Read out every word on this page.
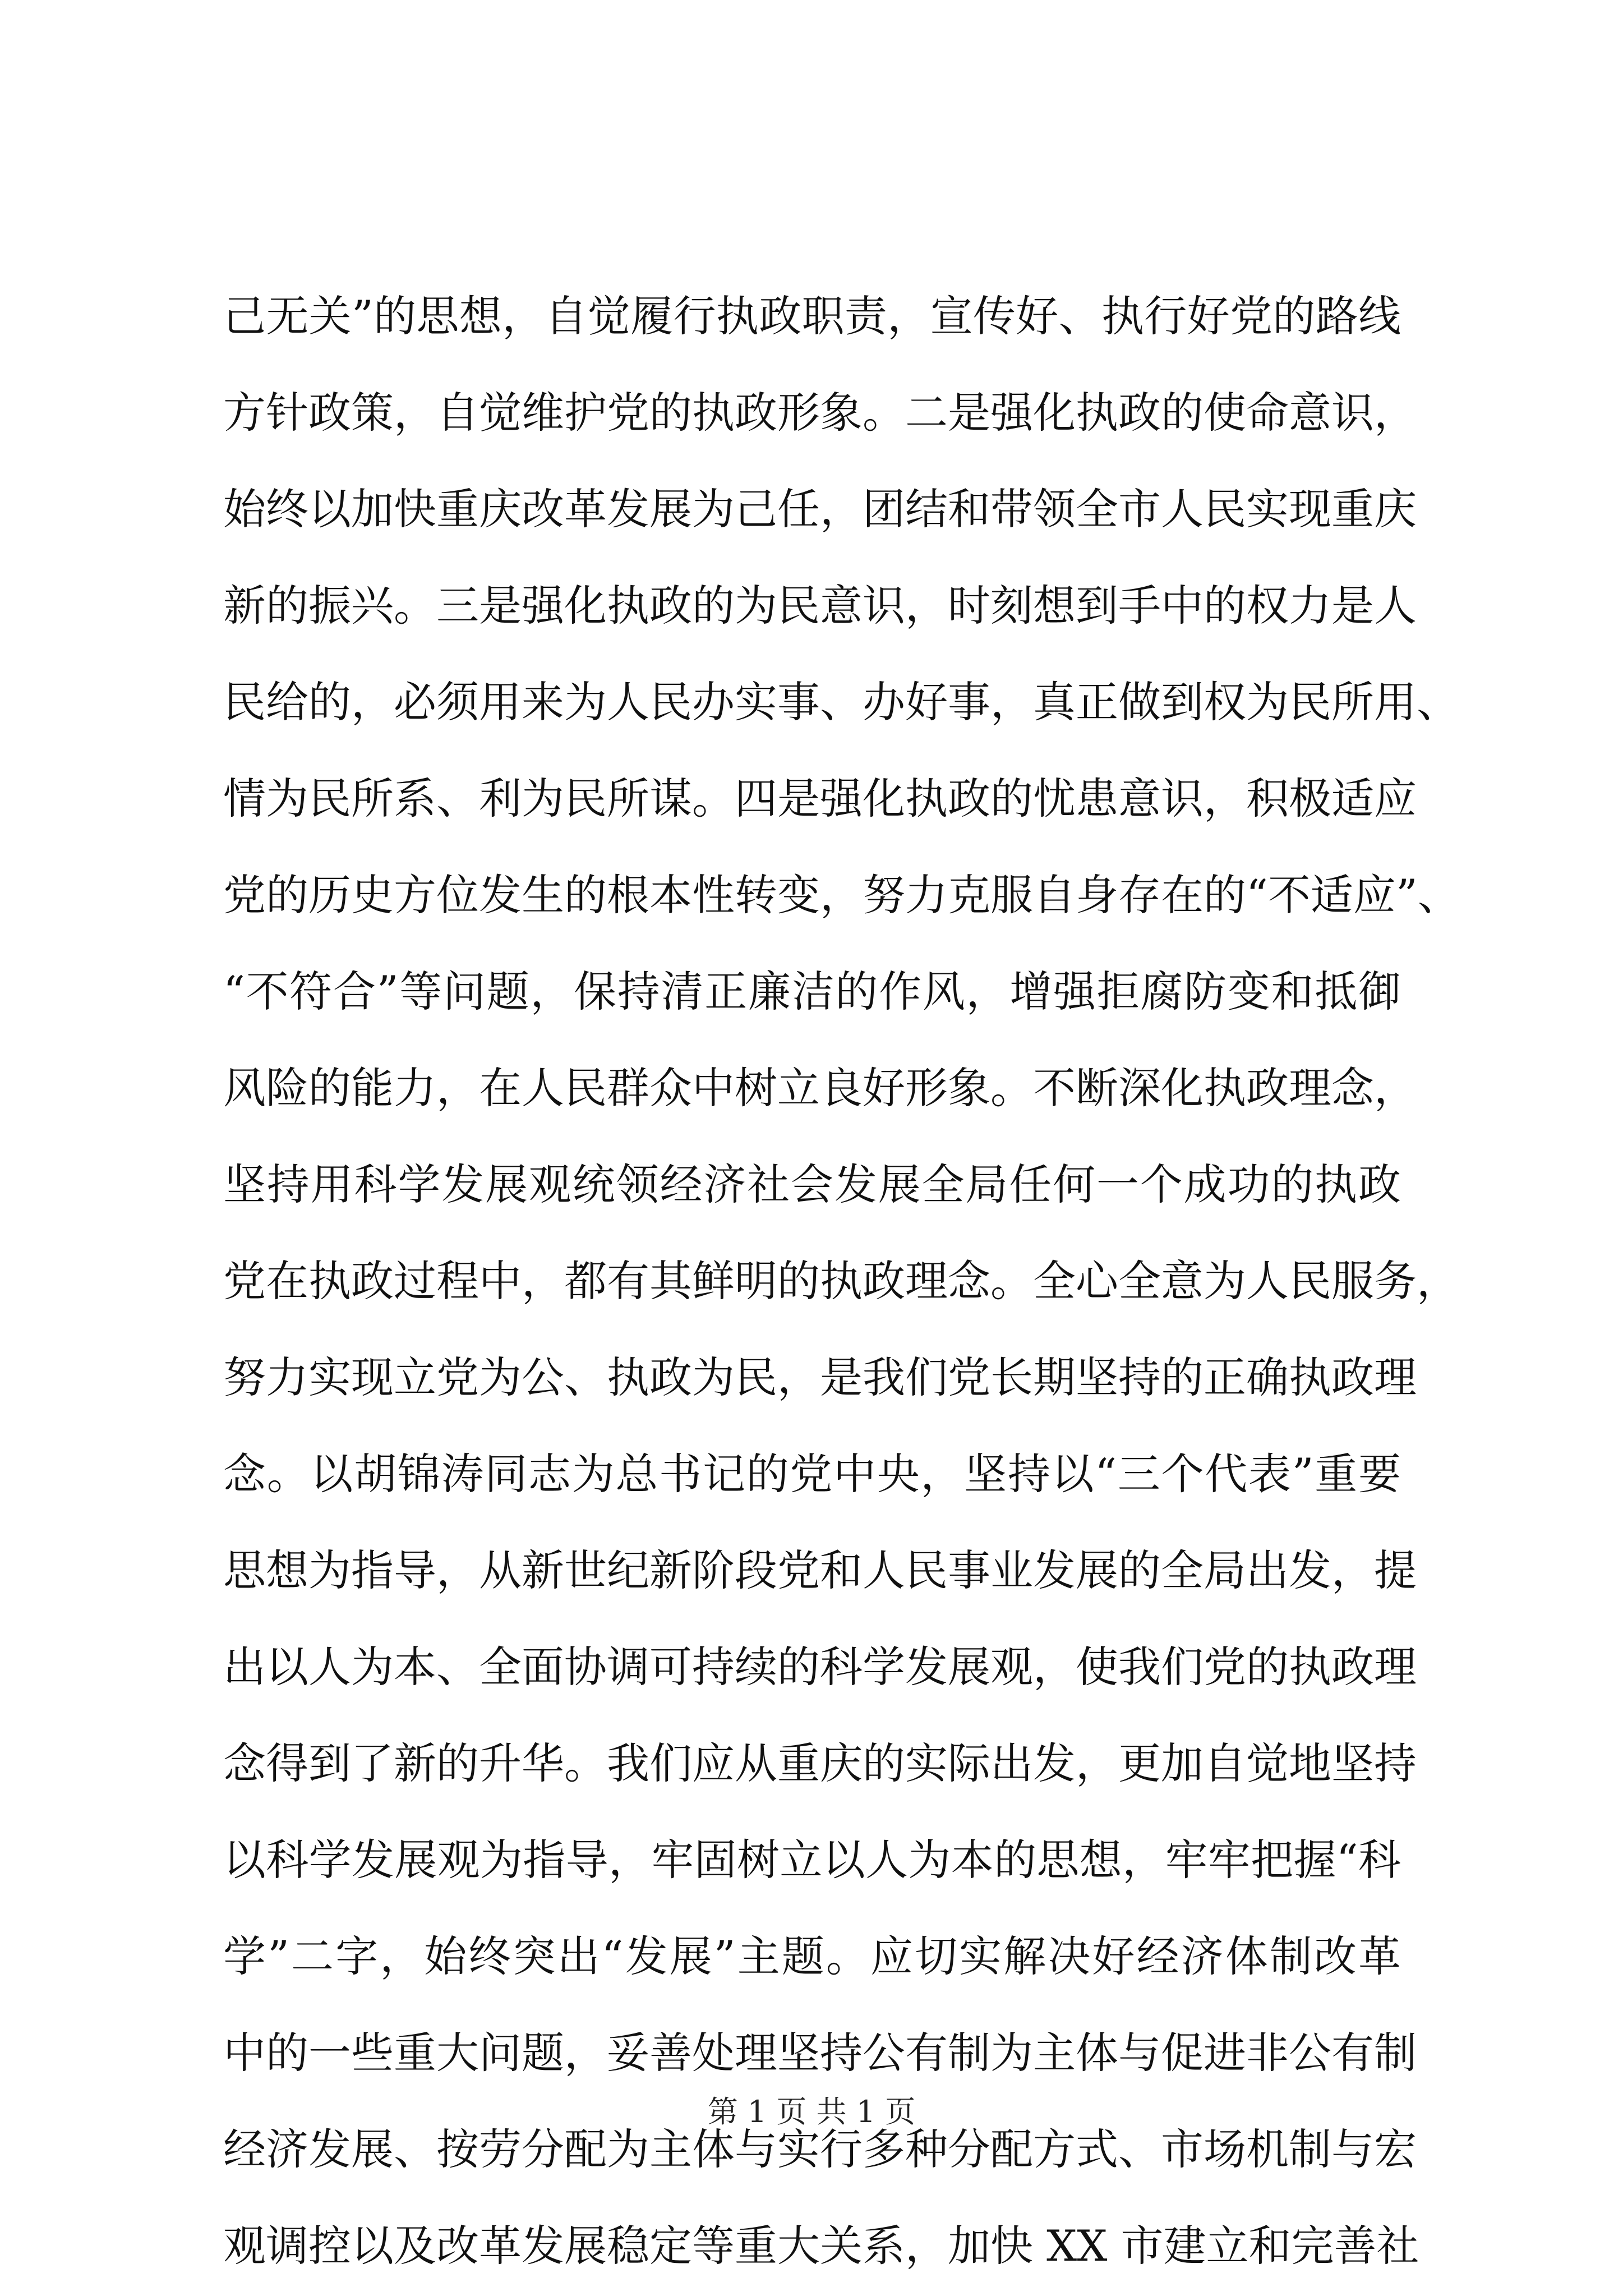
己无关”的思想，自觉履行执政职责，宣传好、执行好党的路线
方针政策，自觉维护党的执政形象。二是强化执政的使命意识，
始终以加快重庆改革发展为己任，团结和带领全市人民实现重庆
新的振兴。三是强化执政的为民意识，时刻想到手中的权力是人
民给的，必须用来为人民办实事、办好事，真正做到权为民所用、
情为民所系、利为民所谋。四是强化执政的忧患意识，积极适应
党的历史方位发生的根本性转变，努力克服自身存在的“不适应”、
“不符合”等问题，保持清正廉洁的作风，增强拒腐防变和抵御
风险的能力，在人民群众中树立良好形象。不断深化执政理念，
坚持用科学发展观统领经济社会发展全局任何一个成功的执政
党在执政过程中，都有其鲜明的执政理念。全心全意为人民服务，
努力实现立党为公、执政为民，是我们党长期坚持的正确执政理
念。以胡锦涛同志为总书记的党中央，坚持以“三个代表”重要
思想为指导，从新世纪新阶段党和人民事业发展的全局出发，提
出以人为本、全面协调可持续的科学发展观，使我们党的执政理
念得到了新的升华。我们应从重庆的实际出发，更加自觉地坚持
以科学发展观为指导，牢固树立以人为本的思想，牢牢把握“科
学”二字，始终突出“发展”主题。应切实解决好经济体制改革
中的一些重大问题，妥善处理坚持公有制为主体与促进非公有制
经济发展、按劳分配为主体与实行多种分配方式、市场机制与宏
观调控以及改革发展稳定等重大关系，加快 XX 市建立和完善社
第 1 页 共 1 页
